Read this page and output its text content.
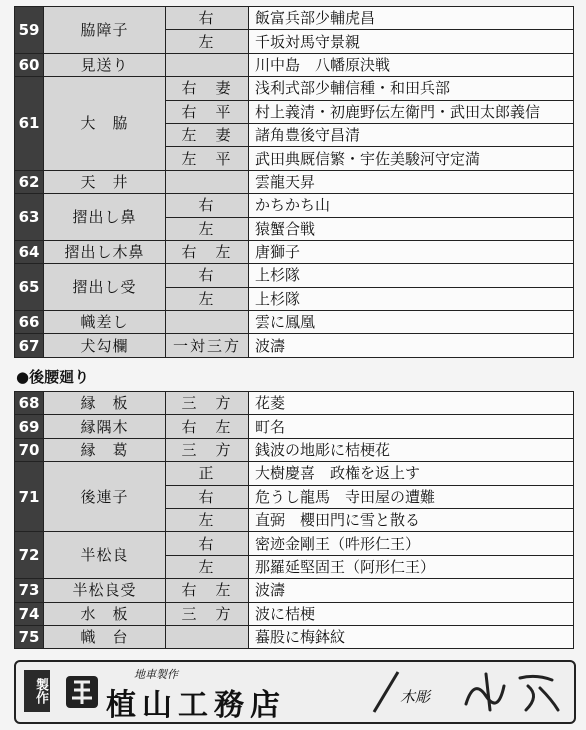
59	脇障子	右	飯富兵部少輔虎昌
		左	千坂対馬守景親
60	見送り		川中島　八幡原決戦
61	大　脇	右　妻	浅利式部少輔信種・和田兵部
		右　平	村上義清・初鹿野伝左衛門・武田太郎義信
		左　妻	諸角豊後守昌清
		左　平	武田典厩信繁・宇佐美駿河守定満
62	天　井		雲龍天昇
63	摺出し鼻	右	かちかち山
		左	猿蟹合戦
64	摺出し木鼻	右　左	唐獅子
65	摺出し受	右	上杉隊
		左	上杉隊
66	幟差し		雲に鳳凰
67	犬勾欄	一対三方	波濤
●後腰廻り
68	縁　板	三　方	花菱
69	縁隅木	右　左	町名
70	縁　葛	三　方	銭波の地彫に桔梗花
71	後連子	正	大樹慶喜　政権を返上す
		右	危うし龍馬　寺田屋の遭難
		左	直弼　櫻田門に雪と散る
72	半松良	右	密迹金剛王（吽形仁王）
		左	那羅延堅固王（阿形仁王）
73	半松良受	右　左	波濤
74	水　板	三　方	波に桔梗
75	幟　台		蟇股に梅鉢紋
製作
地車製作
植山工務店	木彫
